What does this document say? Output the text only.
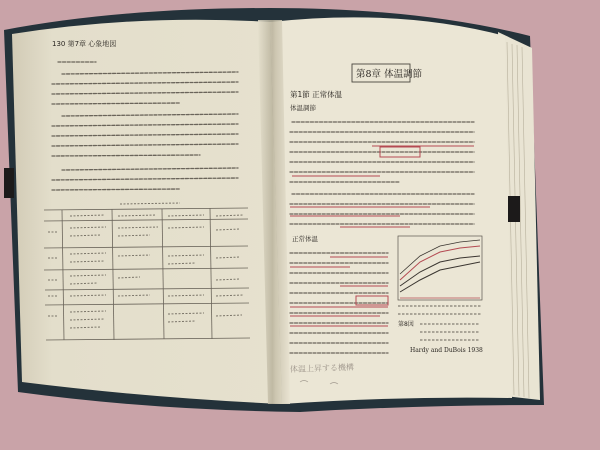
130 第7章 心象地図
第8章 体温調節
第1節 正常体温
体温調節
正常体温
第8図
Hardy and DuBois 1938
体温上昇する機構
